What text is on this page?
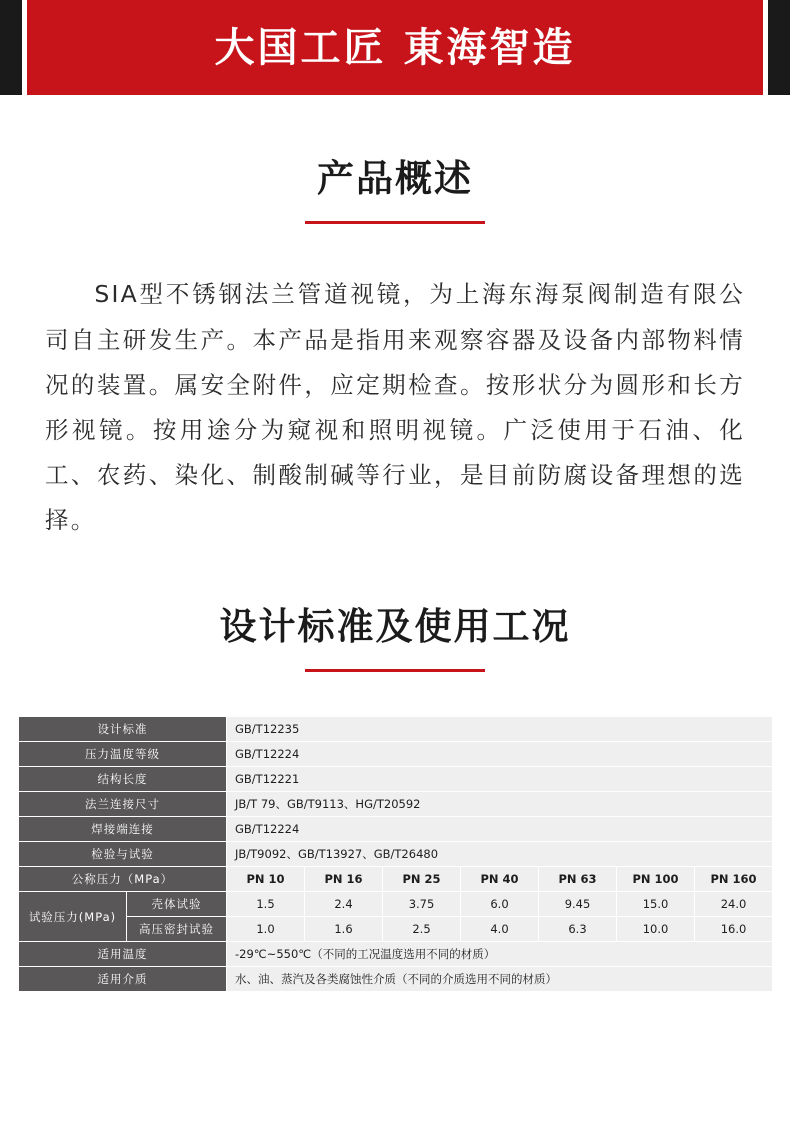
大国工匠 東海智造
产品概述
SIA型不锈钢法兰管道视镜，为上海东海泵阀制造有限公司自主研发生产。本产品是指用来观察容器及设备内部物料情况的装置。属安全附件，应定期检查。按形状分为圆形和长方形视镜。按用途分为窥视和照明视镜。广泛使用于石油、化工、农药、染化、制酸制碱等行业，是目前防腐设备理想的选择。
设计标准及使用工况
设计标准		GB/T12235						
压力温度等级		GB/T12224						
结构长度		GB/T12221						
法兰连接尺寸		JB/T 79、GB/T9113、HG/T20592						
焊接端连接		GB/T12224						
检验与试验		JB/T9092、GB/T13927、GB/T26480						
公称压力（MPa）		PN 10	PN 16	PN 25	PN 40	PN 63	PN 100	PN 160
试验压力(MPa)	壳体试验	1.5	2.4	3.75	6.0	9.45	15.0	24.0
	高压密封试验	1.0	1.6	2.5	4.0	6.3	10.0	16.0
适用温度		-29℃~550℃（不同的工况温度选用不同的材质）						
适用介质		水、油、蒸汽及各类腐蚀性介质（不同的介质选用不同的材质）						
